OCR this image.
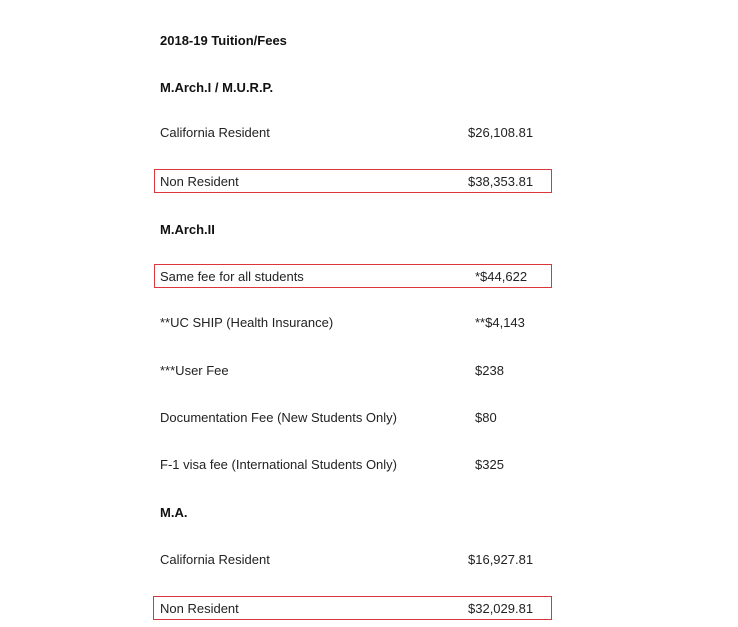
2018-19 Tuition/Fees
M.Arch.I / M.U.R.P.
California Resident	$26,108.81
Non Resident	$38,353.81
M.Arch.II
Same fee for all students	*$44,622
**UC SHIP (Health Insurance)	**$4,143
***User Fee	$238
Documentation Fee (New Students Only)	$80
F-1 visa fee (International Students Only)	$325
M.A.
California Resident	$16,927.81
Non Resident	$32,029.81
